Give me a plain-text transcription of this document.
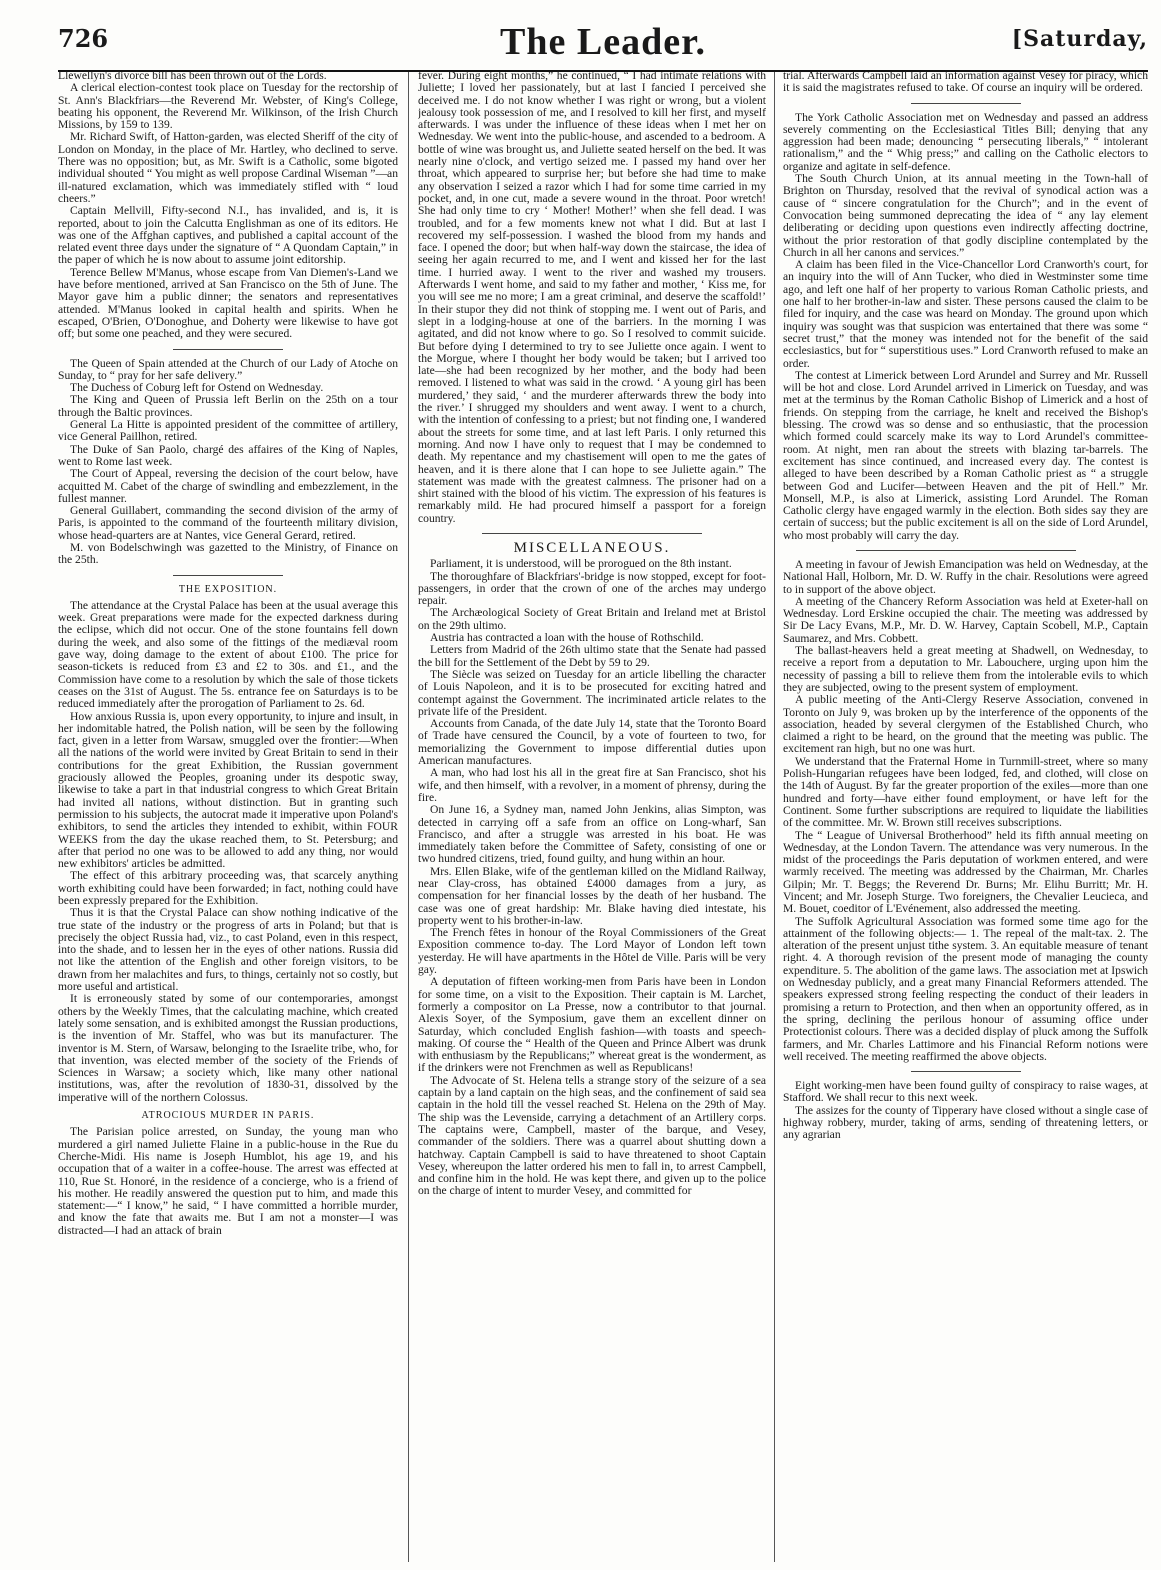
726	The Leader.	[Saturday,

Llewellyn's divorce bill has been thrown out of the Lords.

A clerical election-contest took place on Tuesday for the rectorship of St. Ann's Blackfriars—the Reverend Mr. Webster, of King's College, beating his opponent, the Reverend Mr. Wilkinson, of the Irish Church Missions, by 159 to 139.

Mr. Richard Swift, of Hatton-garden, was elected Sheriff of the city of London on Monday, in the place of Mr. Hartley, who declined to serve. There was no opposition; but, as Mr. Swift is a Catholic, some bigoted individual shouted “ You might as well propose Cardinal Wiseman ”—an ill-natured exclamation, which was immediately stifled with “ loud cheers.”

Captain Mellvill, Fifty-second N.I., has invalided, and is, it is reported, about to join the Calcutta Englishman as one of its editors. He was one of the Affghan captives, and published a capital account of the related event three days under the signature of “ A Quondam Captain,” in the paper of which he is now about to assume joint editorship.

Terence Bellew M'Manus, whose escape from Van Diemen's-Land we have before mentioned, arrived at San Francisco on the 5th of June. The Mayor gave him a public dinner; the senators and representatives attended. M'Manus looked in capital health and spirits. When he escaped, O'Brien, O'Donoghue, and Doherty were likewise to have got off; but some one peached, and they were secured.

The Queen of Spain attended at the Church of our Lady of Atoche on Sunday, to “ pray for her safe delivery.”

The Duchess of Coburg left for Ostend on Wednesday.

The King and Queen of Prussia left Berlin on the 25th on a tour through the Baltic provinces.

General La Hitte is appointed president of the committee of artillery, vice General Paillhon, retired.

The Duke of San Paolo, chargé des affaires of the King of Naples, went to Rome last week.

The Court of Appeal, reversing the decision of the court below, have acquitted M. Cabet of the charge of swindling and embezzlement, in the fullest manner.

General Guillabert, commanding the second division of the army of Paris, is appointed to the command of the fourteenth military division, whose head-quarters are at Nantes, vice General Gerard, retired.

M. von Bodelschwingh was gazetted to the Ministry, of Finance on the 25th.

THE EXPOSITION.

The attendance at the Crystal Palace has been at the usual average this week. Great preparations were made for the expected darkness during the eclipse, which did not occur. One of the stone fountains fell down during the week, and also some of the fittings of the mediæval room gave way, doing damage to the extent of about £100. The price for season-tickets is reduced from £3 and £2 to 30s. and £1., and the Commission have come to a resolution by which the sale of those tickets ceases on the 31st of August. The 5s. entrance fee on Saturdays is to be reduced immediately after the prorogation of Parliament to 2s. 6d.

How anxious Russia is, upon every opportunity, to injure and insult, in her indomitable hatred, the Polish nation, will be seen by the following fact, given in a letter from Warsaw, smuggled over the frontier:—When all the nations of the world were invited by Great Britain to send in their contributions for the great Exhibition, the Russian government graciously allowed the Peoples, groaning under its despotic sway, likewise to take a part in that industrial congress to which Great Britain had invited all nations, without distinction. But in granting such permission to his subjects, the autocrat made it imperative upon Poland's exhibitors, to send the articles they intended to exhibit, within FOUR WEEKS from the day the ukase reached them, to St. Petersburg; and after that period no one was to be allowed to add any thing, nor would new exhibitors' articles be admitted.

The effect of this arbitrary proceeding was, that scarcely anything worth exhibiting could have been forwarded; in fact, nothing could have been expressly prepared for the Exhibition.

Thus it is that the Crystal Palace can show nothing indicative of the true state of the industry or the progress of arts in Poland; but that is precisely the object Russia had, viz., to cast Poland, even in this respect, into the shade, and to lessen her in the eyes of other nations. Russia did not like the attention of the English and other foreign visitors, to be drawn from her malachites and furs, to things, certainly not so costly, but more useful and artistical.

It is erroneously stated by some of our contemporaries, amongst others by the Weekly Times, that the calculating machine, which created lately some sensation, and is exhibited amongst the Russian productions, is the invention of Mr. Staffel, who was but its manufacturer. The inventor is M. Stern, of Warsaw, belonging to the Israelite tribe, who, for that invention, was elected member of the society of the Friends of Sciences in Warsaw; a society which, like many other national institutions, was, after the revolution of 1830-31, dissolved by the imperative will of the northern Colossus.

ATROCIOUS MURDER IN PARIS.

The Parisian police arrested, on Sunday, the young man who murdered a girl named Juliette Flaine in a public-house in the Rue du Cherche-Midi. His name is Joseph Humblot, his age 19, and his occupation that of a waiter in a coffee-house. The arrest was effected at 110, Rue St. Honoré, in the residence of a concierge, who is a friend of his mother. He readily answered the question put to him, and made this statement:—“ I know,” he said, “ I have committed a horrible murder, and know the fate that awaits me. But I am not a monster—I was distracted—I had an attack of brain

fever. During eight months,” he continued, “ I had intimate relations with Juliette; I loved her passionately, but at last I fancied I perceived she deceived me. I do not know whether I was right or wrong, but a violent jealousy took possession of me, and I resolved to kill her first, and myself afterwards. I was under the influence of these ideas when I met her on Wednesday. We went into the public-house, and ascended to a bedroom. A bottle of wine was brought us, and Juliette seated herself on the bed. It was nearly nine o'clock, and vertigo seized me. I passed my hand over her throat, which appeared to surprise her; but before she had time to make any observation I seized a razor which I had for some time carried in my pocket, and, in one cut, made a severe wound in the throat. Poor wretch! She had only time to cry ‘ Mother! Mother!’ when she fell dead. I was troubled, and for a few moments knew not what I did. But at last I recovered my self-possession. I washed the blood from my hands and face. I opened the door; but when half-way down the staircase, the idea of seeing her again recurred to me, and I went and kissed her for the last time. I hurried away. I went to the river and washed my trousers. Afterwards I went home, and said to my father and mother, ‘ Kiss me, for you will see me no more; I am a great criminal, and deserve the scaffold!’ In their stupor they did not think of stopping me. I went out of Paris, and slept in a lodging-house at one of the barriers. In the morning I was agitated, and did not know where to go. So I resolved to commit suicide. But before dying I determined to try to see Juliette once again. I went to the Morgue, where I thought her body would be taken; but I arrived too late—she had been recognized by her mother, and the body had been removed. I listened to what was said in the crowd. ‘ A young girl has been murdered,’ they said, ‘ and the murderer afterwards threw the body into the river.’ I shrugged my shoulders and went away. I went to a church, with the intention of confessing to a priest; but not finding one, I wandered about the streets for some time, and at last left Paris. I only returned this morning. And now I have only to request that I may be condemned to death. My repentance and my chastisement will open to me the gates of heaven, and it is there alone that I can hope to see Juliette again.” The statement was made with the greatest calmness. The prisoner had on a shirt stained with the blood of his victim. The expression of his features is remarkably mild. He had procured himself a passport for a foreign country.

MISCELLANEOUS.

Parliament, it is understood, will be prorogued on the 8th instant.

The thoroughfare of Blackfriars'-bridge is now stopped, except for foot-passengers, in order that the crown of one of the arches may undergo repair.

The Archæological Society of Great Britain and Ireland met at Bristol on the 29th ultimo.

Austria has contracted a loan with the house of Rothschild.

Letters from Madrid of the 26th ultimo state that the Senate had passed the bill for the Settlement of the Debt by 59 to 29.

The Siècle was seized on Tuesday for an article libelling the character of Louis Napoleon, and it is to be prosecuted for exciting hatred and contempt against the Government. The incriminated article relates to the private life of the President.

Accounts from Canada, of the date July 14, state that the Toronto Board of Trade have censured the Council, by a vote of fourteen to two, for memorializing the Government to impose differential duties upon American manufactures.

A man, who had lost his all in the great fire at San Francisco, shot his wife, and then himself, with a revolver, in a moment of phrensy, during the fire.

On June 16, a Sydney man, named John Jenkins, alias Simpton, was detected in carrying off a safe from an office on Long-wharf, San Francisco, and after a struggle was arrested in his boat. He was immediately taken before the Committee of Safety, consisting of one or two hundred citizens, tried, found guilty, and hung within an hour.

Mrs. Ellen Blake, wife of the gentleman killed on the Midland Railway, near Clay-cross, has obtained £4000 damages from a jury, as compensation for her financial losses by the death of her husband. The case was one of great hardship: Mr. Blake having died intestate, his property went to his brother-in-law.

The French fêtes in honour of the Royal Commissioners of the Great Exposition commence to-day. The Lord Mayor of London left town yesterday. He will have apartments in the Hôtel de Ville. Paris will be very gay.

A deputation of fifteen working-men from Paris have been in London for some time, on a visit to the Exposition. Their captain is M. Larchet, formerly a compositor on La Presse, now a contributor to that journal. Alexis Soyer, of the Symposium, gave them an excellent dinner on Saturday, which concluded English fashion—with toasts and speech-making. Of course the “ Health of the Queen and Prince Albert was drunk with enthusiasm by the Republicans;” whereat great is the wonderment, as if the drinkers were not Frenchmen as well as Republicans!

The Advocate of St. Helena tells a strange story of the seizure of a sea captain by a land captain on the high seas, and the confinement of said sea captain in the hold till the vessel reached St. Helena on the 29th of May. The ship was the Levenside, carrying a detachment of an Artillery corps. The captains were, Campbell, master of the barque, and Vesey, commander of the soldiers. There was a quarrel about shutting down a hatchway. Captain Campbell is said to have threatened to shoot Captain Vesey, whereupon the latter ordered his men to fall in, to arrest Campbell, and confine him in the hold. He was kept there, and given up to the police on the charge of intent to murder Vesey, and committed for

trial. Afterwards Campbell laid an information against Vesey for piracy, which it is said the magistrates refused to take. Of course an inquiry will be ordered.

The York Catholic Association met on Wednesday and passed an address severely commenting on the Ecclesiastical Titles Bill; denying that any aggression had been made; denouncing “ persecuting liberals,” “ intolerant rationalism,” and the “ Whig press;” and calling on the Catholic electors to organize and agitate in self-defence.

The South Church Union, at its annual meeting in the Town-hall of Brighton on Thursday, resolved that the revival of synodical action was a cause of “ sincere congratulation for the Church”; and in the event of Convocation being summoned deprecating the idea of “ any lay element deliberating or deciding upon questions even indirectly affecting doctrine, without the prior restoration of that godly discipline contemplated by the Church in all her canons and services.”

A claim has been filed in the Vice-Chancellor Lord Cranworth's court, for an inquiry into the will of Ann Tucker, who died in Westminster some time ago, and left one half of her property to various Roman Catholic priests, and one half to her brother-in-law and sister. These persons caused the claim to be filed for inquiry, and the case was heard on Monday. The ground upon which inquiry was sought was that suspicion was entertained that there was some “ secret trust,” that the money was intended not for the benefit of the said ecclesiastics, but for “ superstitious uses.” Lord Cranworth refused to make an order.

The contest at Limerick between Lord Arundel and Surrey and Mr. Russell will be hot and close. Lord Arundel arrived in Limerick on Tuesday, and was met at the terminus by the Roman Catholic Bishop of Limerick and a host of friends. On stepping from the carriage, he knelt and received the Bishop's blessing. The crowd was so dense and so enthusiastic, that the procession which formed could scarcely make its way to Lord Arundel's committee-room. At night, men ran about the streets with blazing tar-barrels. The excitement has since continued, and increased every day. The contest is alleged to have been described by a Roman Catholic priest as “ a struggle between God and Lucifer—between Heaven and the pit of Hell.” Mr. Monsell, M.P., is also at Limerick, assisting Lord Arundel. The Roman Catholic clergy have engaged warmly in the election. Both sides say they are certain of success; but the public excitement is all on the side of Lord Arundel, who most probably will carry the day.

A meeting in favour of Jewish Emancipation was held on Wednesday, at the National Hall, Holborn, Mr. D. W. Ruffy in the chair. Resolutions were agreed to in support of the above object.

A meeting of the Chancery Reform Association was held at Exeter-hall on Wednesday. Lord Erskine occupied the chair. The meeting was addressed by Sir De Lacy Evans, M.P., Mr. D. W. Harvey, Captain Scobell, M.P., Captain Saumarez, and Mrs. Cobbett.

The ballast-heavers held a great meeting at Shadwell, on Wednesday, to receive a report from a deputation to Mr. Labouchere, urging upon him the necessity of passing a bill to relieve them from the intolerable evils to which they are subjected, owing to the present system of employment.

A public meeting of the Anti-Clergy Reserve Association, convened in Toronto on July 9, was broken up by the interference of the opponents of the association, headed by several clergymen of the Established Church, who claimed a right to be heard, on the ground that the meeting was public. The excitement ran high, but no one was hurt.

We understand that the Fraternal Home in Turnmill-street, where so many Polish-Hungarian refugees have been lodged, fed, and clothed, will close on the 14th of August. By far the greater proportion of the exiles—more than one hundred and forty—have either found employment, or have left for the Continent. Some further subscriptions are required to liquidate the liabilities of the committee. Mr. W. Brown still receives subscriptions.

The “ League of Universal Brotherhood” held its fifth annual meeting on Wednesday, at the London Tavern. The attendance was very numerous. In the midst of the proceedings the Paris deputation of workmen entered, and were warmly received. The meeting was addressed by the Chairman, Mr. Charles Gilpin; Mr. T. Beggs; the Reverend Dr. Burns; Mr. Elihu Burritt; Mr. H. Vincent; and Mr. Joseph Sturge. Two foreigners, the Chevalier Leucieca, and M. Bouet, coeditor of L'Evénement, also addressed the meeting.

The Suffolk Agricultural Association was formed some time ago for the attainment of the following objects:— 1. The repeal of the malt-tax. 2. The alteration of the present unjust tithe system. 3. An equitable measure of tenant right. 4. A thorough revision of the present mode of managing the county expenditure. 5. The abolition of the game laws. The association met at Ipswich on Wednesday publicly, and a great many Financial Reformers attended. The speakers expressed strong feeling respecting the conduct of their leaders in promising a return to Protection, and then when an opportunity offered, as in the spring, declining the perilous honour of assuming office under Protectionist colours. There was a decided display of pluck among the Suffolk farmers, and Mr. Charles Lattimore and his Financial Reform notions were well received. The meeting reaffirmed the above objects.

Eight working-men have been found guilty of conspiracy to raise wages, at Stafford. We shall recur to this next week.

The assizes for the county of Tipperary have closed without a single case of highway robbery, murder, taking of arms, sending of threatening letters, or any agrarian
